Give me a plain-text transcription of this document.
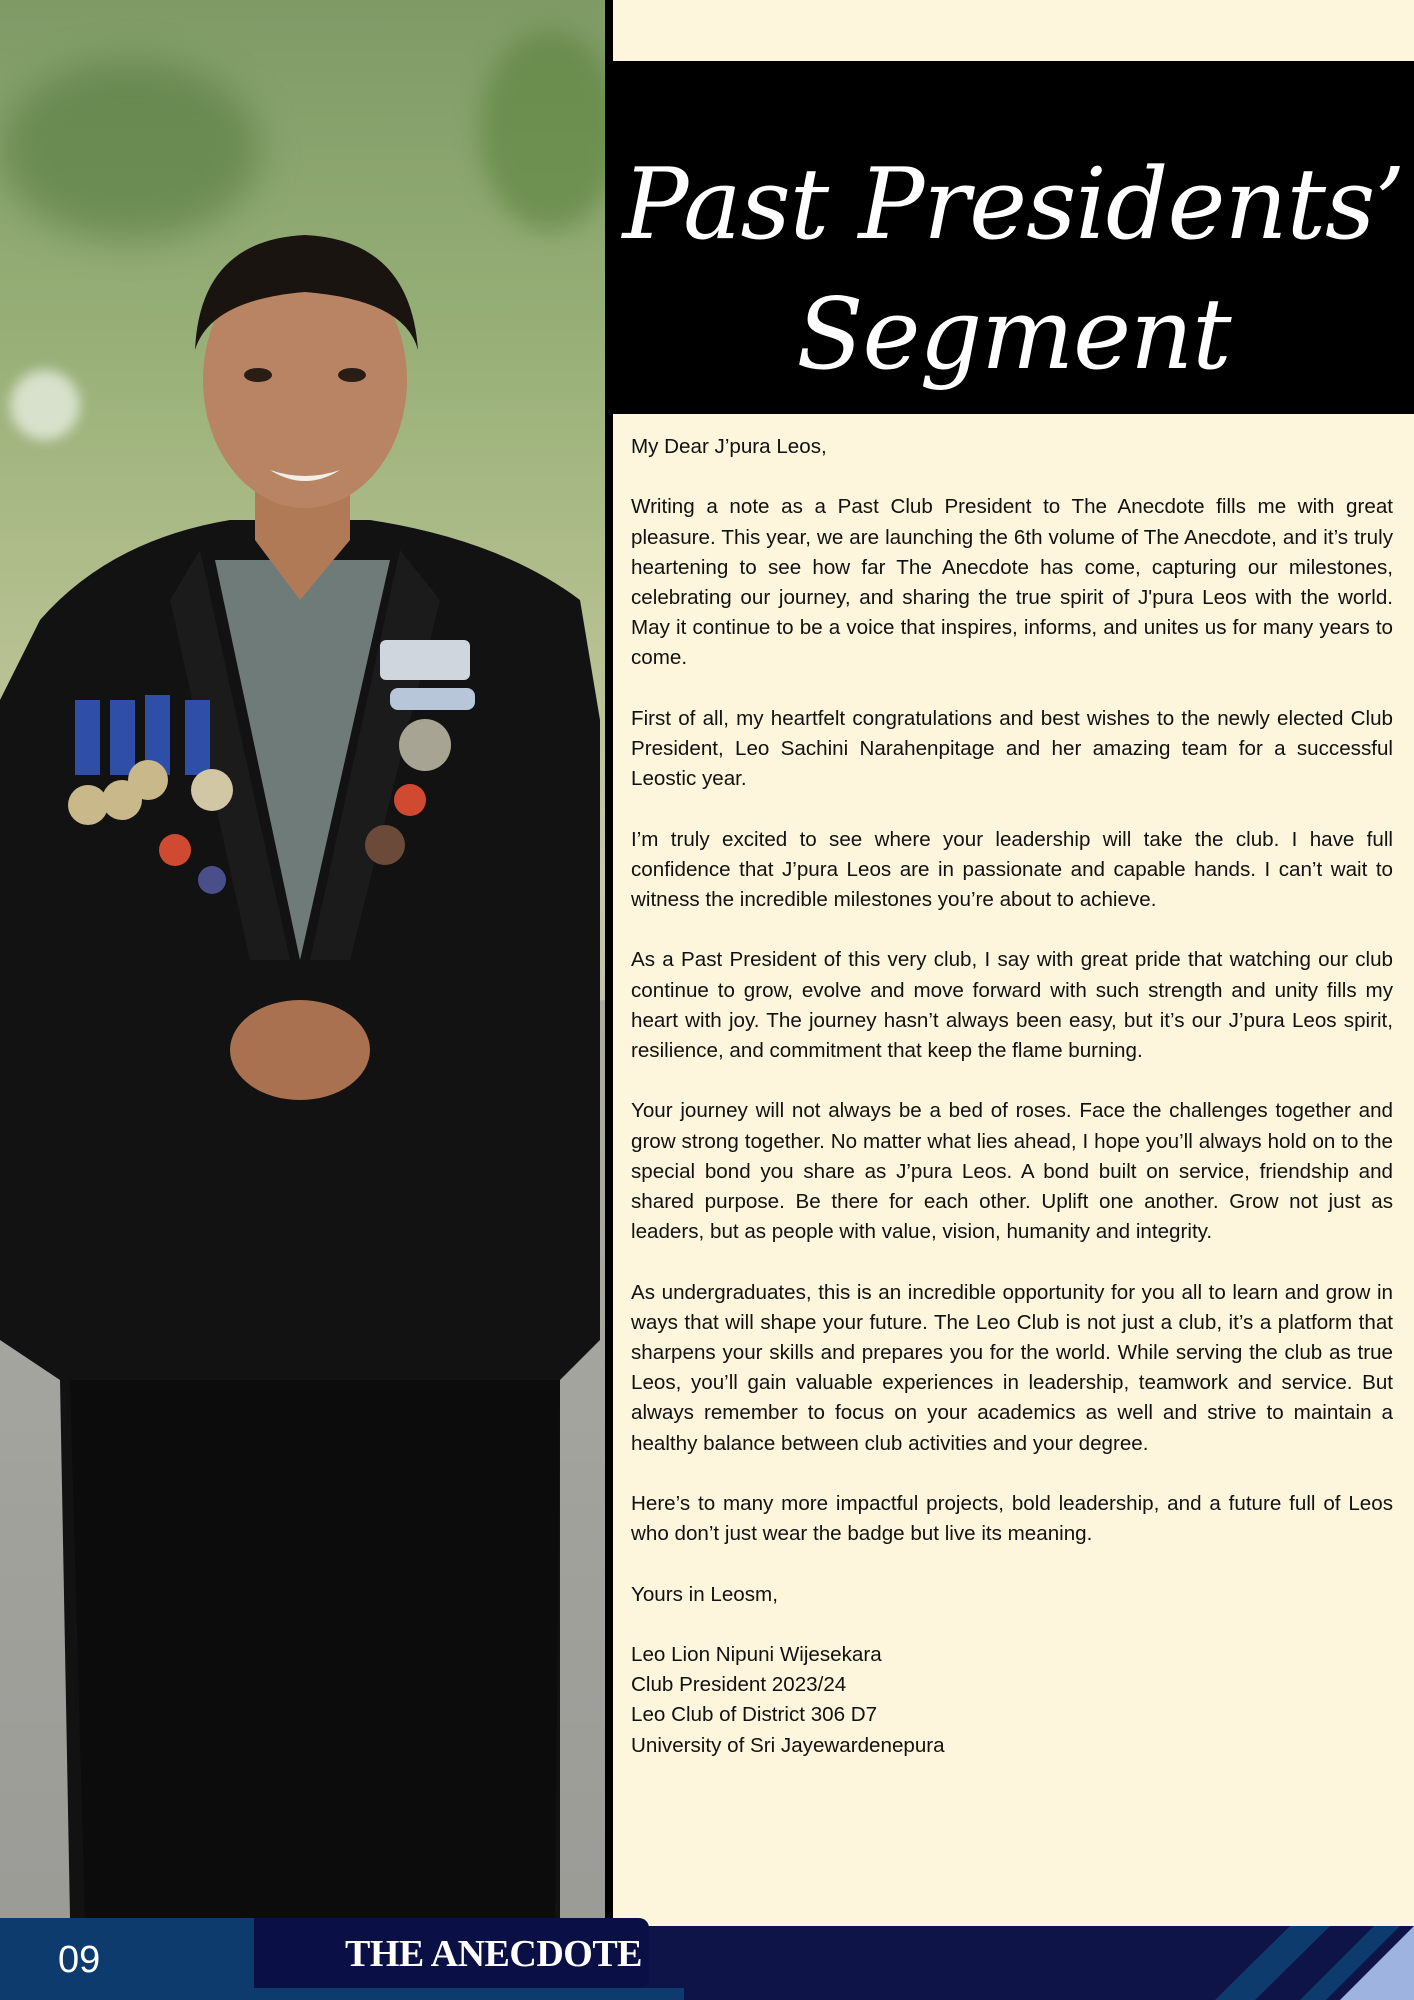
Past Presidents’
Segment

My Dear J’pura Leos,

Writing a note as a Past Club President to The Anecdote fills me with great pleasure. This year, we are launching the 6th volume of The Anecdote, and it’s truly heartening to see how far The Anecdote has come, capturing our milestones, celebrating our journey, and sharing the true spirit of J'pura Leos with the world. May it continue to be a voice that inspires, informs, and unites us for many years to come.

First of all, my heartfelt congratulations and best wishes to the newly elected Club President, Leo Sachini Narahenpitage and her amazing team for a successful Leostic year.

I’m truly excited to see where your leadership will take the club. I have full confidence that J’pura Leos are in passionate and capable hands. I can’t wait to witness the incredible milestones you’re about to achieve.

As a Past President of this very club, I say with great pride that watching our club continue to grow, evolve and move forward with such strength and unity fills my heart with joy. The journey hasn’t always been easy, but it’s our J’pura Leos spirit, resilience, and commitment that keep the flame burning.

Your journey will not always be a bed of roses. Face the challenges together and grow strong together. No matter what lies ahead, I hope you’ll always hold on to the special bond you share as J’pura Leos. A bond built on service, friendship and shared purpose. Be there for each other. Uplift one another. Grow not just as leaders, but as people with value, vision, humanity and integrity.

As undergraduates, this is an incredible opportunity for you all to learn and grow in ways that will shape your future. The Leo Club is not just a club, it’s a platform that sharpens your skills and prepares you for the world. While serving the club as true Leos, you’ll gain valuable experiences in leadership, teamwork and service. But always remember to focus on your academics as well and strive to maintain a healthy balance between club activities and your degree.

Here’s to many more impactful projects, bold leadership, and a future full of Leos who don’t just wear the badge but live its meaning.

Yours in Leosm,

Leo Lion Nipuni Wijesekara

Club President 2023/24

Leo Club of District 306 D7

University of Sri Jayewardenepura

09	THE ANECDOTE
